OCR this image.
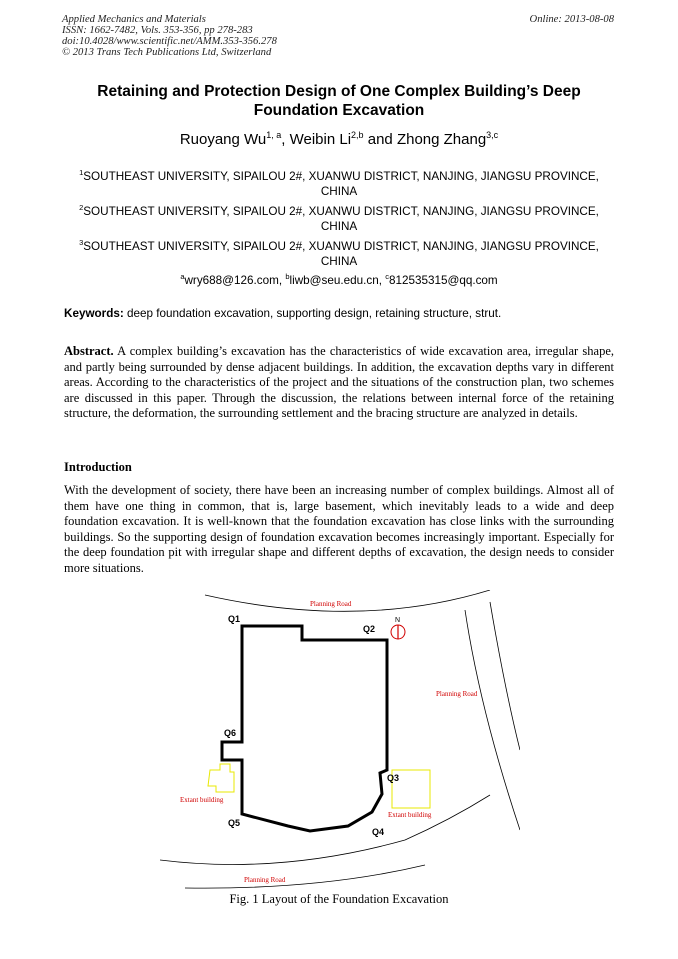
Applied Mechanics and Materials
ISSN: 1662-7482, Vols. 353-356, pp 278-283
doi:10.4028/www.scientific.net/AMM.353-356.278
© 2013 Trans Tech Publications Ltd, Switzerland
Online: 2013-08-08
Retaining and Protection Design of One Complex Building’s Deep Foundation Excavation
Ruoyang Wu$^{1, a}$, Weibin Li$^{2,b}$ and Zhong Zhang$^{3,c}$
$^1$SOUTHEAST UNIVERSITY, SIPAILOU 2#, XUANWU DISTRICT, NANJING, JIANGSU PROVINCE, CHINA
$^2$SOUTHEAST UNIVERSITY, SIPAILOU 2#, XUANWU DISTRICT, NANJING, JIANGSU PROVINCE, CHINA
$^3$SOUTHEAST UNIVERSITY, SIPAILOU 2#, XUANWU DISTRICT, NANJING, JIANGSU PROVINCE, CHINA
$^a$wry688@126.com, $^b$liwb@seu.edu.cn, $^c$812535315@qq.com
Keywords: deep foundation excavation, supporting design, retaining structure, strut.
Abstract. A complex building’s excavation has the characteristics of wide excavation area, irregular shape, and partly being surrounded by dense adjacent buildings. In addition, the excavation depths vary in different areas. According to the characteristics of the project and the situations of the construction plan, two schemes are discussed in this paper. Through the discussion, the relations between internal force of the retaining structure, the deformation, the surrounding settlement and the bracing structure are analyzed in details.
Introduction
With the development of society, there have been an increasing number of complex buildings. Almost all of them have one thing in common, that is, large basement, which inevitably leads to a wide and deep foundation excavation. It is well-known that the foundation excavation has close links with the surrounding buildings. So the supporting design of foundation excavation becomes increasingly important. Especially for the deep foundation pit with irregular shape and different depths of excavation, the design needs to consider more situations.
N
Q1
Q2
Q3
Q4
Q5
Q6
Planning Road
Planning Road
Planning Road
Extant building
Extant building
Fig. 1 Layout of the Foundation Excavation
